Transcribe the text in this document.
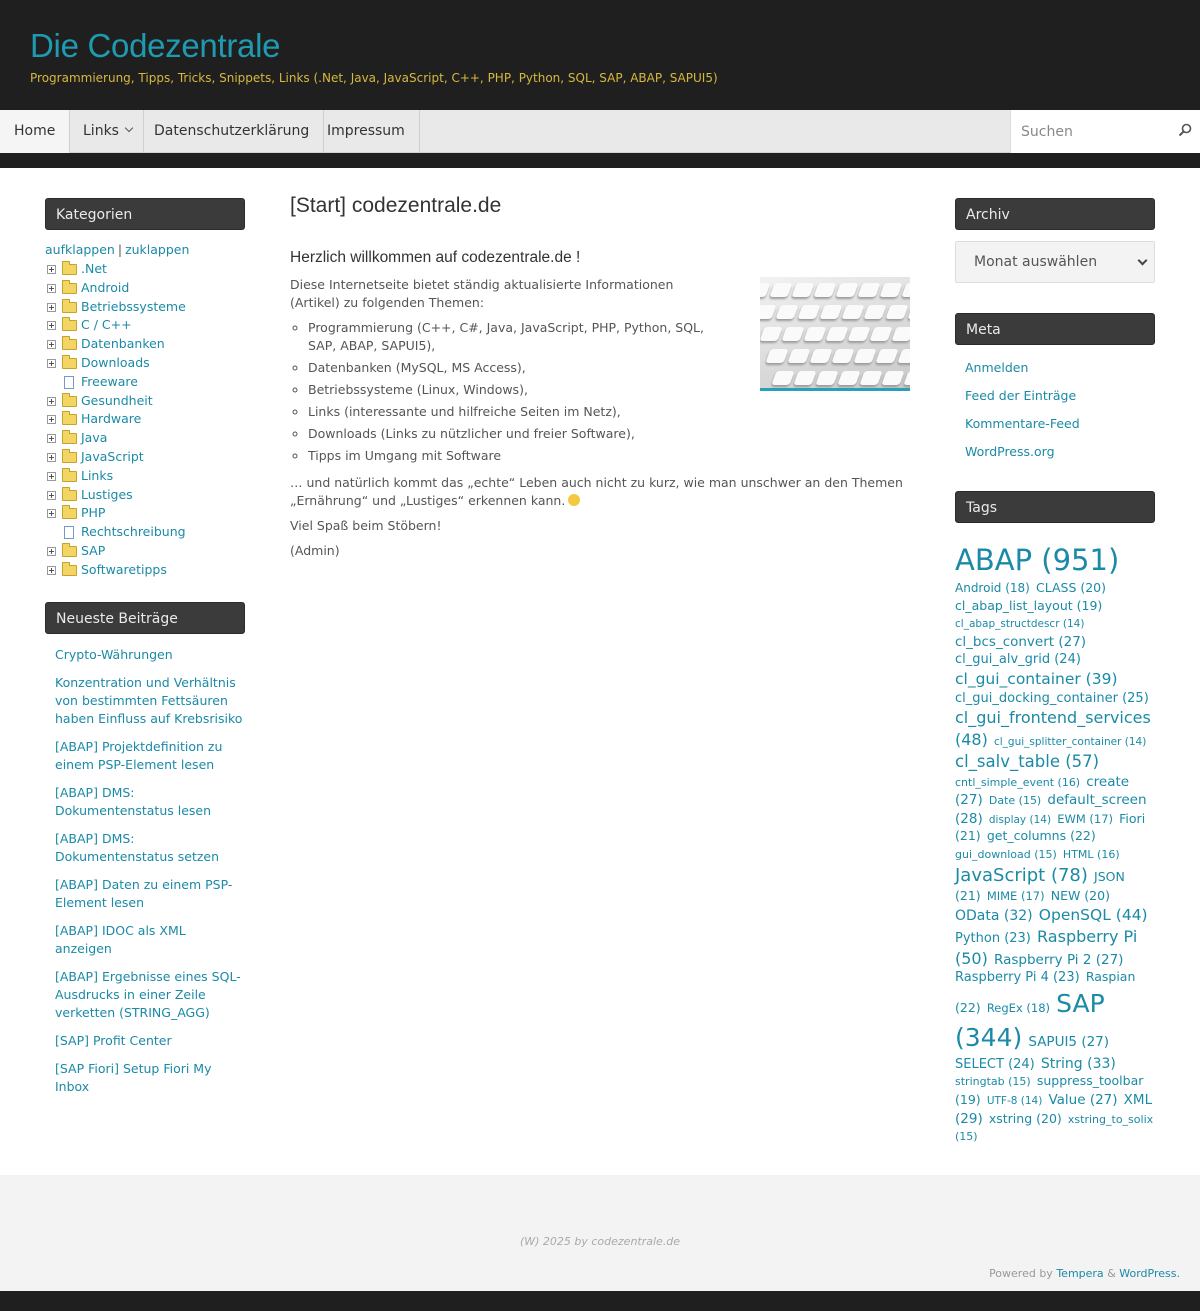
Die Codezentrale
Programmierung, Tipps, Tricks, Snippets, Links (.Net, Java, JavaScript, C++, PHP, Python, SQL, SAP, ABAP, SAPUI5)
Home	Links	Datenschutzerklärung	Impressum
Suchen
Kategorien
aufklappen | zuklappen
.Net
Android
Betriebssysteme
C / C++
Datenbanken
Downloads
Freeware
Gesundheit
Hardware
Java
JavaScript
Links
Lustiges
PHP
Rechtschreibung
SAP
Softwaretipps
Neueste Beiträge
Crypto-Währungen
Konzentration und Verhältnis von bestimmten Fettsäuren haben Einfluss auf Krebsrisiko
[ABAP] Projektdefinition zu einem PSP-Element lesen
[ABAP] DMS: Dokumentenstatus lesen
[ABAP] DMS: Dokumentenstatus setzen
[ABAP] Daten zu einem PSP-Element lesen
[ABAP] IDOC als XML anzeigen
[ABAP] Ergebnisse eines SQL-Ausdrucks in einer Zeile verketten (STRING_AGG)
[SAP] Profit Center
[SAP Fiori] Setup Fiori My Inbox
[Start] codezentrale.de
Herzlich willkommen auf codezentrale.de !

Diese Internetseite bietet ständig aktualisierte Informationen (Artikel) zu folgenden Themen:

◦ Programmierung (C++, C#, Java, JavaScript, PHP, Python, SQL, SAP, ABAP, SAPUI5),
◦ Datenbanken (MySQL, MS Access),
◦ Betriebssysteme (Linux, Windows),
◦ Links (interessante und hilfreiche Seiten im Netz),
◦ Downloads (Links zu nützlicher und freier Software),
◦ Tipps im Umgang mit Software

… und natürlich kommt das „echte“ Leben auch nicht zu kurz, wie man unschwer an den Themen „Ernährung“ und „Lustiges“ erkennen kann.

Viel Spaß beim Stöbern!

(Admin)

Archiv
Monat auswählen
Meta
Anmelden
Feed der Einträge
Kommentare-Feed
WordPress.org
Tags
ABAP (951) Android (18) CLASS (20) cl_abap_list_layout (19) cl_abap_structdescr (14) cl_bcs_convert (27) cl_gui_alv_grid (24) cl_gui_container (39) cl_gui_docking_container (25) cl_gui_frontend_services (48) cl_gui_splitter_container (14) cl_salv_table (57) cntl_simple_event (16) create (27) Date (15) default_screen (28) display (14) EWM (17) Fiori (21) get_columns (22) gui_download (15) HTML (16) JavaScript (78) JSON (21) MIME (17) NEW (20) OData (32) OpenSQL (44) Python (23) Raspberry Pi (50) Raspberry Pi 2 (27) Raspberry Pi 4 (23) Raspian (22) RegEx (18) SAP (344) SAPUI5 (27) SELECT (24) String (33) stringtab (15) suppress_toolbar (19) UTF-8 (14) Value (27) XML (29) xstring (20) xstring_to_solix (15)
(W) 2025 by codezentrale.de
Powered by Tempera & WordPress.
